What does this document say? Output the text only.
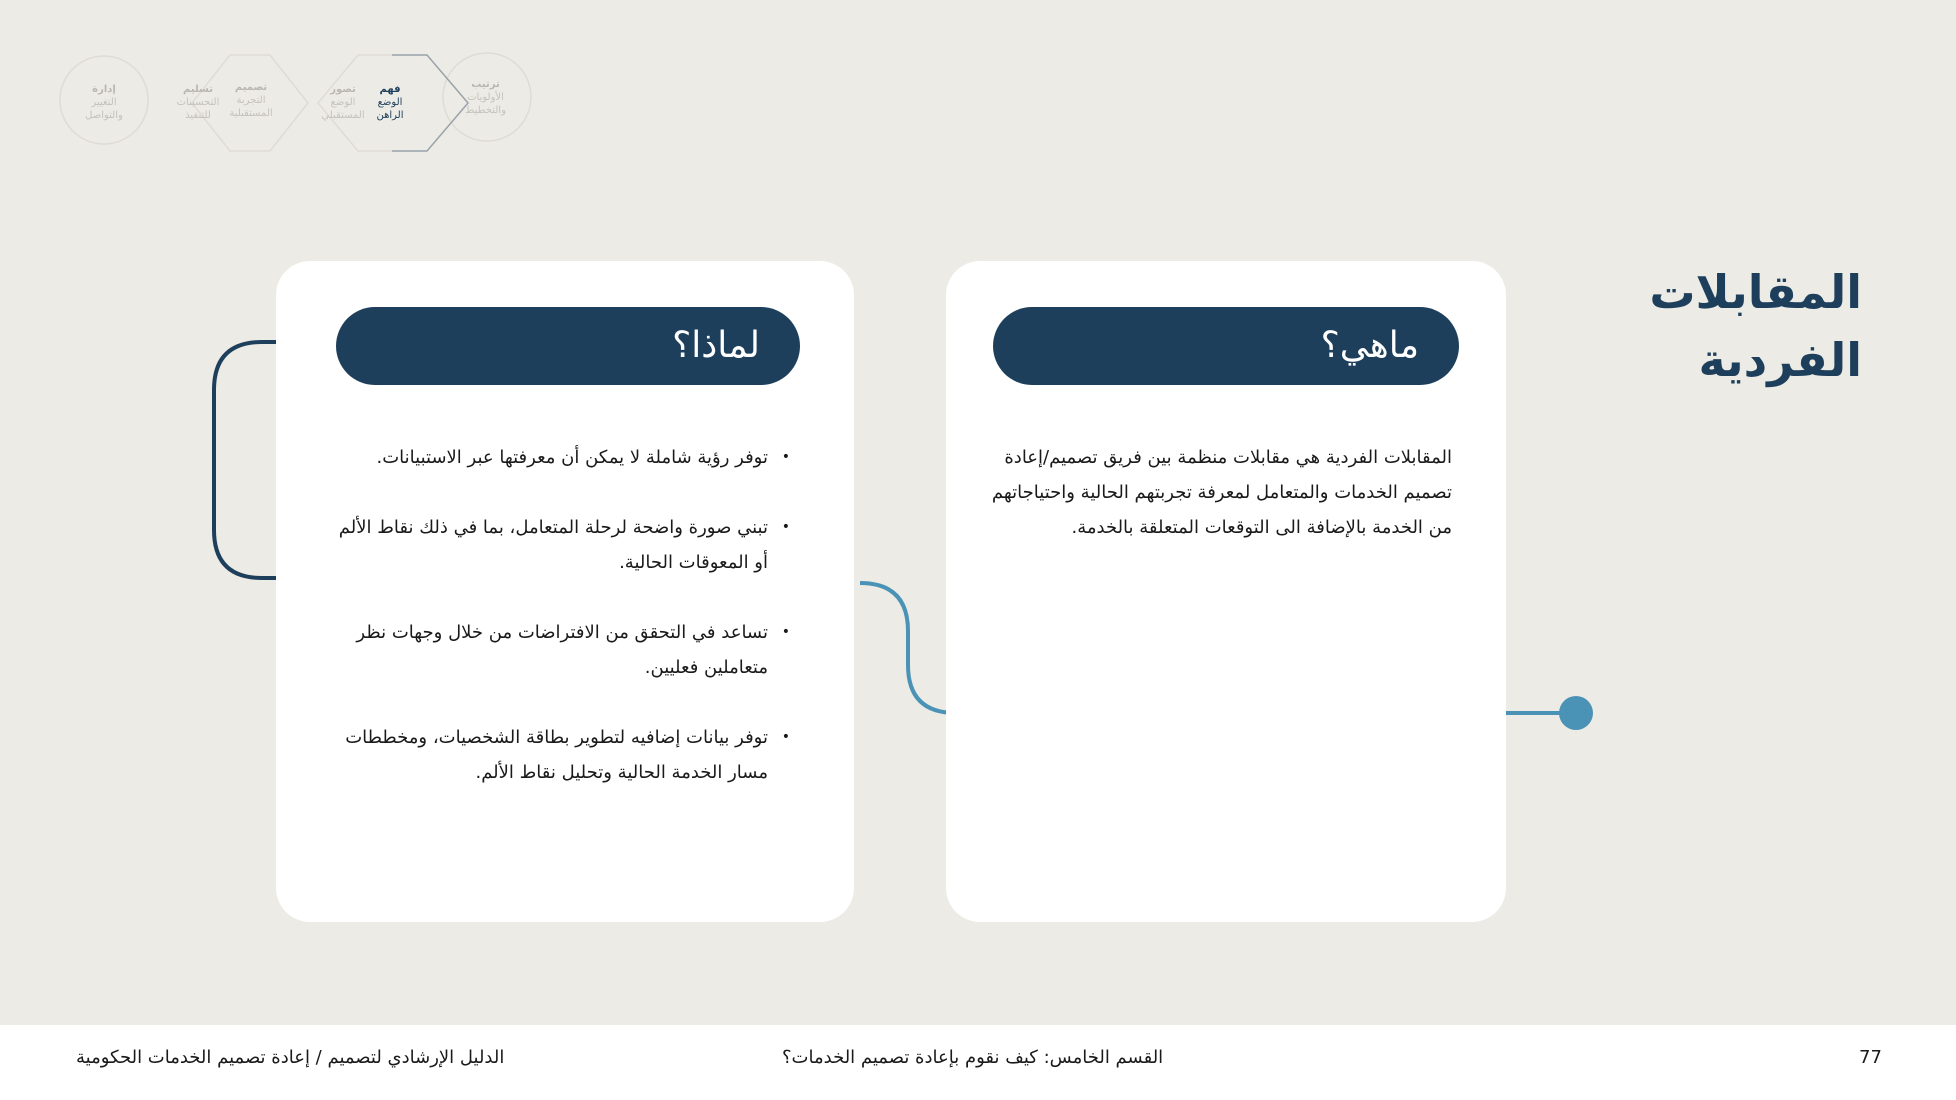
ترتيب
الأولويات والتخطيط
فهم
الوضع الراهن
تصور
الوضع المستقبلي
تصميم
التجربة المستقبلية
تسليم
التحسينات للتنفيذ
إدارة
التغيير والتواصل
المقابلات الفردية
ماهي؟
المقابلات الفردية هي مقابلات منظمة بين فريق تصميم/إعادة تصميم الخدمات والمتعامل لمعرفة تجربتهم الحالية واحتياجاتهم من الخدمة بالإضافة الى التوقعات المتعلقة بالخدمة.
لماذا؟
• توفر رؤية شاملة لا يمكن أن معرفتها عبر الاستبيانات.
• تبني صورة واضحة لرحلة المتعامل، بما في ذلك نقاط الألم أو المعوقات الحالية.
• تساعد في التحقق من الافتراضات من خلال وجهات نظر متعاملين فعليين.
• توفر بيانات إضافيه لتطوير بطاقة الشخصيات، ومخططات مسار الخدمة الحالية وتحليل نقاط الألم.
77
القسم الخامس: كيف نقوم بإعادة تصميم الخدمات؟
الدليل الإرشادي لتصميم / إعادة تصميم الخدمات الحكومية
